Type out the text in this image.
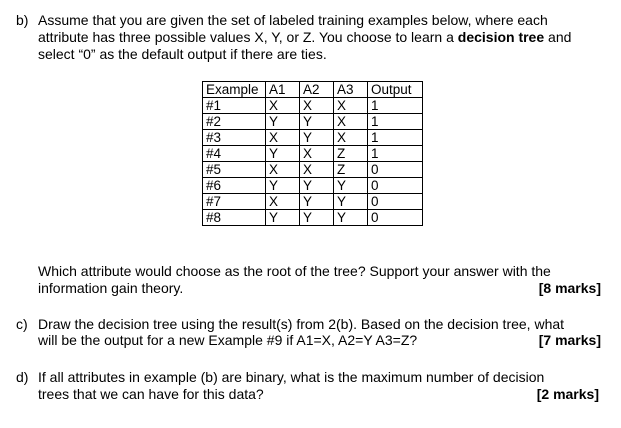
b) Assume that you are given the set of labeled training examples below, where each
attribute has three possible values X, Y, or Z. You choose to learn a decision tree and
select “0” as the default output if there are ties.
Example	A1	A2	A3	Output
#1	X	X	X	1
#2	Y	Y	X	1
#3	X	Y	X	1
#4	Y	X	Z	1
#5	X	X	Z	0
#6	Y	Y	Y	0
#7	X	Y	Y	0
#8	Y	Y	Y	0
Which attribute would choose as the root of the tree? Support your answer with the
information gain theory.	[8 marks]
c) Draw the decision tree using the result(s) from 2(b). Based on the decision tree, what
will be the output for a new Example #9 if A1=X, A2=Y A3=Z?	[7 marks]
d) If all attributes in example (b) are binary, what is the maximum number of decision
trees that we can have for this data?	[2 marks]
